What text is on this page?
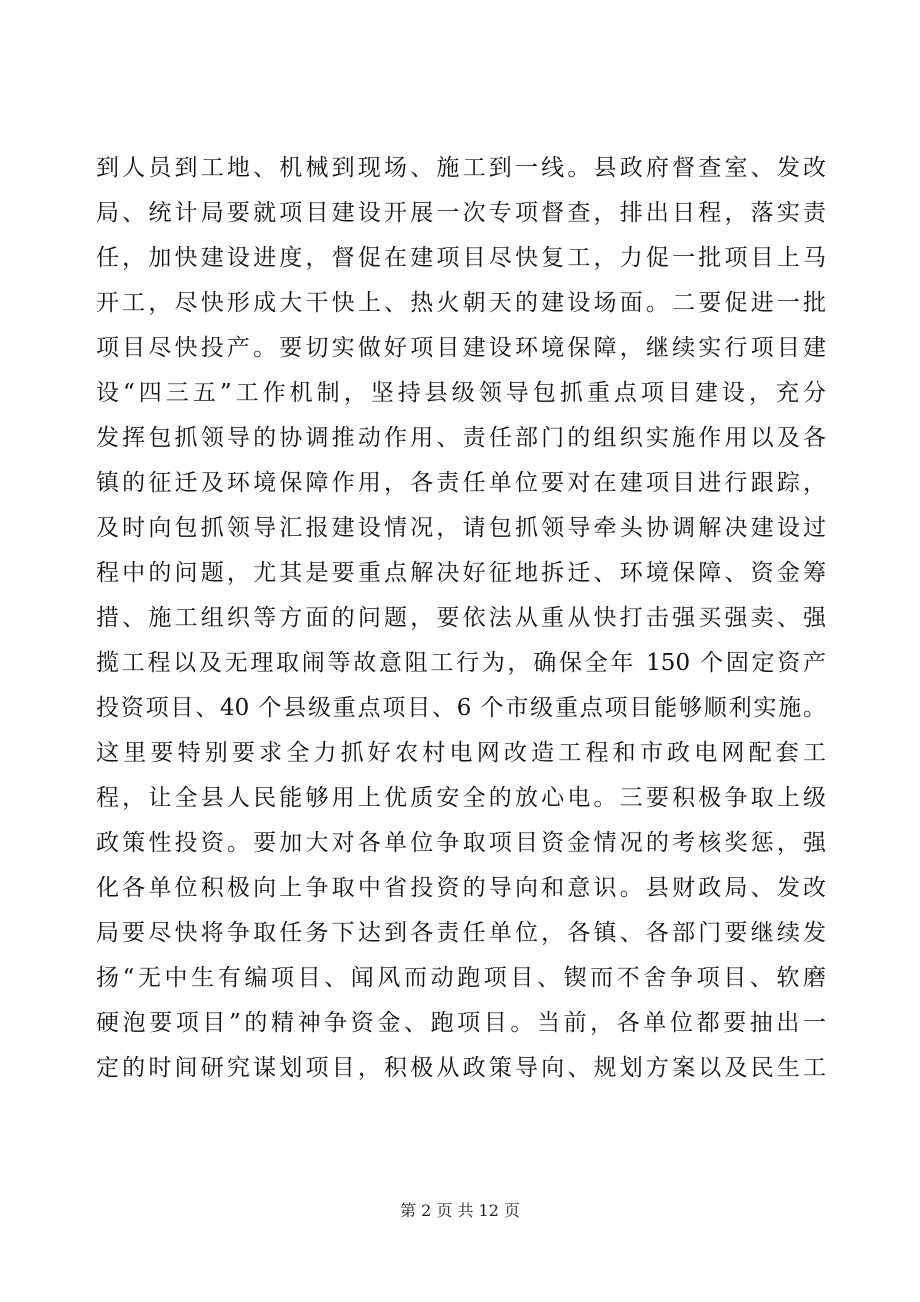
到人员到工地、机械到现场、施工到一线。县政府督查室、发改
局、统计局要就项目建设开展一次专项督查，排出日程，落实责
任，加快建设进度，督促在建项目尽快复工，力促一批项目上马
开工，尽快形成大干快上、热火朝天的建设场面。二要促进一批
项目尽快投产。要切实做好项目建设环境保障，继续实行项目建
设“四三五”工作机制，坚持县级领导包抓重点项目建设，充分
发挥包抓领导的协调推动作用、责任部门的组织实施作用以及各
镇的征迁及环境保障作用，各责任单位要对在建项目进行跟踪，
及时向包抓领导汇报建设情况，请包抓领导牵头协调解决建设过
程中的问题，尤其是要重点解决好征地拆迁、环境保障、资金筹
措、施工组织等方面的问题，要依法从重从快打击强买强卖、强
揽工程以及无理取闹等故意阻工行为，确保全年 150 个固定资产
投资项目、40 个县级重点项目、6 个市级重点项目能够顺利实施。
这里要特别要求全力抓好农村电网改造工程和市政电网配套工
程，让全县人民能够用上优质安全的放心电。三要积极争取上级
政策性投资。要加大对各单位争取项目资金情况的考核奖惩，强
化各单位积极向上争取中省投资的导向和意识。县财政局、发改
局要尽快将争取任务下达到各责任单位，各镇、各部门要继续发
扬“无中生有编项目、闻风而动跑项目、锲而不舍争项目、软磨
硬泡要项目”的精神争资金、跑项目。当前，各单位都要抽出一
定的时间研究谋划项目，积极从政策导向、规划方案以及民生工
第 2 页 共 12 页
